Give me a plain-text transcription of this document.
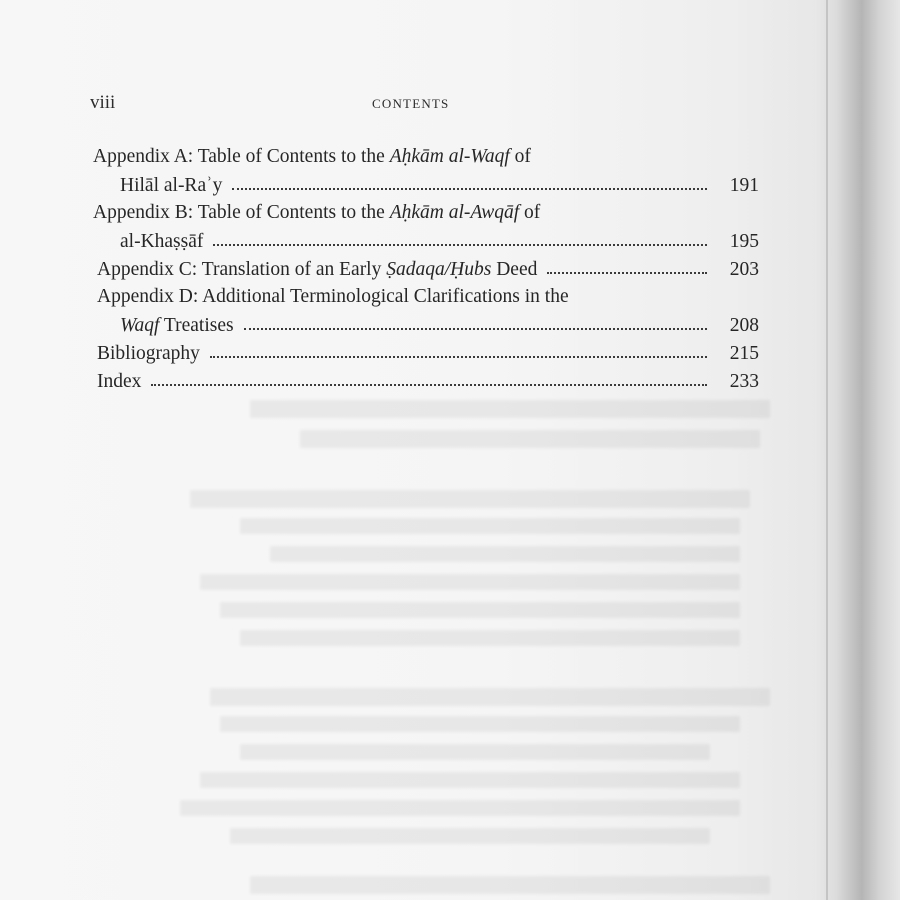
viii	CONTENTS
Appendix A: Table of Contents to the Aḥkām al-Waqf of
Hilāl al-Raʾy	191
Appendix B: Table of Contents to the Aḥkām al-Awqāf of
al-Khaṣṣāf	195
Appendix C: Translation of an Early Ṣadaqa/Ḥubs Deed	203
Appendix D: Additional Terminological Clarifications in the
Waqf Treatises	208
Bibliography	215
Index	233
